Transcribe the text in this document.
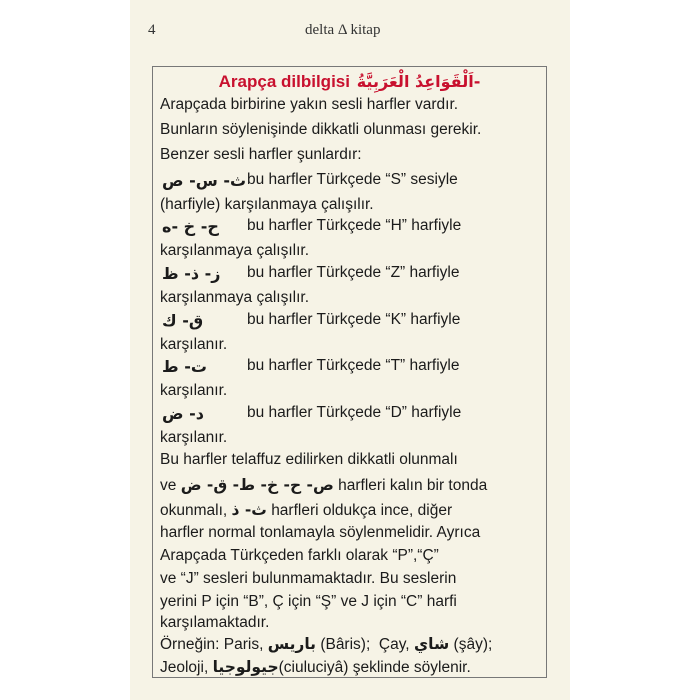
4	delta Δ kitap
Arapça dilbilgisi -اَلْقَوَاعِدُ الْعَرَبِيَّةُ
Arapçada birbirine yakın sesli harfler vardır.
Bunların söylenişinde dikkatli olunması gerekir.
Benzer sesli harfler şunlardır:
ث- س- ص bu harfler Türkçede “S” sesiyle
(harfiyle) karşılanmaya çalışılır.
ح- خ -ه bu harfler Türkçede “H” harfiyle
karşılanmaya çalışılır.
ز- ذ- ظ bu harfler Türkçede “Z” harfiyle
karşılanmaya çalışılır.
ق- ك	bu harfler Türkçede “K” harfiyle
karşılanır.
ت- ط	bu harfler Türkçede “T” harfiyle
karşılanır.
د- ض	bu harfler Türkçede “D” harfiyle
karşılanır.
Bu harfler telaffuz edilirken dikkatli olunmalı
ve ص- ح- خ- ط- ق- ض harfleri kalın bir tonda
okunmalı, ث- ذ harfleri oldukça ince, diğer
harfler normal tonlamayla söylenmelidir. Ayrıca
Arapçada Türkçeden farklı olarak “P”,“Ç”
ve “J” sesleri bulunmamaktadır. Bu seslerin
yerini P için “B”, Ç için “Ş” ve J için “C” harfi
karşılamaktadır.
Örneğin: Paris, باريس (Bâris); Çay, شاي (şây);
Jeoloji, جيولوجيا(ciuluciyâ) şeklinde söylenir.
